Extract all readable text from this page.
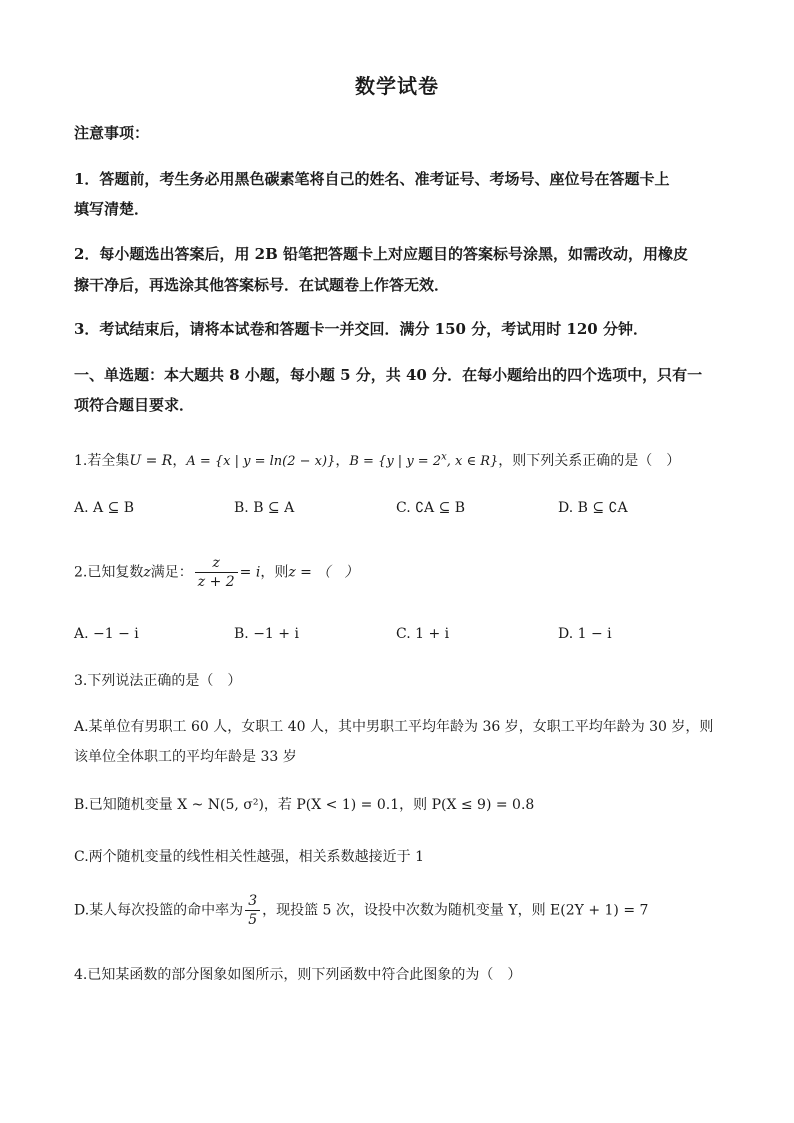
数学试卷
注意事项：
1．答题前，考生务必用黑色碳素笔将自己的姓名、准考证号、考场号、座位号在答题卡上
填写清楚．
2．每小题选出答案后，用 2B 铅笔把答题卡上对应题目的答案标号涂黑，如需改动，用橡皮
擦干净后，再选涂其他答案标号．在试题卷上作答无效．
3．考试结束后，请将本试卷和答题卡一并交回．满分 150 分，考试用时 120 分钟．
一、单选题：本大题共 8 小题，每小题 5 分，共 40 分．在每小题给出的四个选项中，只有一
项符合题目要求．
1.若全集U = R，A = {x | y = ln(2 − x)}，B = {y | $y = 2^x$, x ∈ R}，则下列关系正确的是（　）
A. A ⊆ B	B. B ⊆ A	C. ∁A ⊆ B	D. B ⊆ ∁A
2.已知复数z满足： $\frac{z}{z + 2} = i$，则z = （　）
A. −1 − i	B. −1 + i	C. 1 + i	D. 1 − i
3.下列说法正确的是（　）
A.某单位有男职工 60 人，女职工 40 人，其中男职工平均年龄为 36 岁，女职工平均年龄为 30 岁，则
该单位全体职工的平均年龄是 33 岁
B.已知随机变量 X ~ N(5, σ²)，若 P(X < 1) = 0.1，则 P(X ≤ 9) = 0.8
C.两个随机变量的线性相关性越强，相关系数越接近于 1
D.某人每次投篮的命中率为 $\frac{3}{5}$ ，现投篮 5 次，设投中次数为随机变量 Y，则 E(2Y + 1) = 7
4.已知某函数的部分图象如图所示，则下列函数中符合此图象的为（　）
